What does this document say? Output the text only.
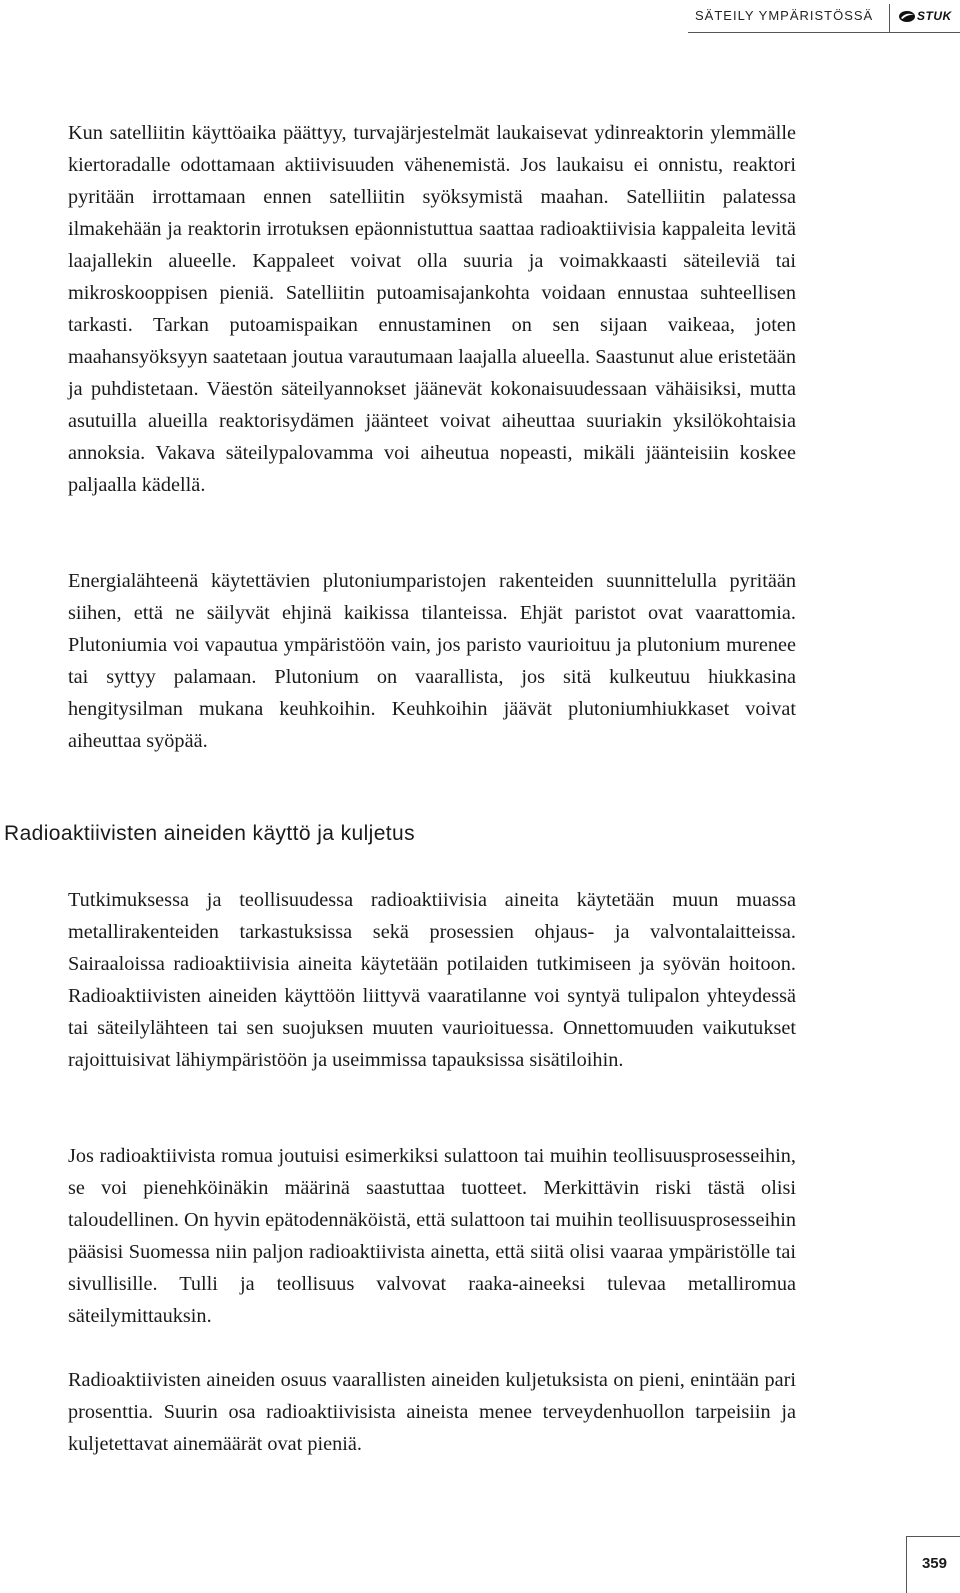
SÄTEILY YMPÄRISTÖSSÄ	STUK

Kun satelliitin käyttöaika päättyy, turvajärjestelmät laukaisevat ydinreaktorin ylemmälle kiertoradalle odottamaan aktiivisuuden vähenemistä. Jos laukaisu ei onnistu, reaktori pyritään irrottamaan ennen satelliitin syöksymistä maahan. Satelliitin palatessa ilmakehään ja reaktorin irrotuksen epäonnistuttua saattaa radioaktiivisia kappaleita levitä laajallekin alueelle. Kappaleet voivat olla suuria ja voimakkaasti säteileviä tai mikroskooppisen pieniä. Satelliitin putoamisajankohta voidaan ennustaa suhteellisen tarkasti. Tarkan putoamispaikan ennustaminen on sen sijaan vaikeaa, joten maahansyöksyyn saatetaan joutua varautumaan laajalla alueella. Saastunut alue eristetään ja puhdistetaan. Väestön säteilyannokset jäänevät kokonaisuudessaan vähäisiksi, mutta asutuilla alueilla reaktorisydämen jäänteet voivat aiheuttaa suuriakin yksilökohtaisia annoksia. Vakava säteilypalovamma voi aiheutua nopeasti, mikäli jäänteisiin koskee paljaalla kädellä.

Energialähteenä käytettävien plutoniumparistojen rakenteiden suunnittelulla pyritään siihen, että ne säilyvät ehjinä kaikissa tilanteissa. Ehjät paristot ovat vaarattomia. Plutoniumia voi vapautua ympäristöön vain, jos paristo vaurioituu ja plutonium murenee tai syttyy palamaan. Plutonium on vaarallista, jos sitä kulkeutuu hiukkasina hengitysilman mukana keuhkoihin. Keuhkoihin jäävät plutoniumhiukkaset voivat aiheuttaa syöpää.

Radioaktiivisten aineiden käyttö ja kuljetus

Tutkimuksessa ja teollisuudessa radioaktiivisia aineita käytetään muun muassa metallirakenteiden tarkastuksissa sekä prosessien ohjaus- ja valvontalaitteissa. Sairaaloissa radioaktiivisia aineita käytetään potilaiden tutkimiseen ja syövän hoitoon. Radioaktiivisten aineiden käyttöön liittyvä vaaratilanne voi syntyä tulipalon yhteydessä tai säteilylähteen tai sen suojuksen muuten vaurioituessa. Onnettomuuden vaikutukset rajoittuisivat lähiympäristöön ja useimmissa tapauksissa sisätiloihin.

Jos radioaktiivista romua joutuisi esimerkiksi sulattoon tai muihin teollisuusprosesseihin, se voi pienehköinäkin määrinä saastuttaa tuotteet. Merkittävin riski tästä olisi taloudellinen. On hyvin epätodennäköistä, että sulattoon tai muihin teollisuusprosesseihin pääsisi Suomessa niin paljon radioaktiivista ainetta, että siitä olisi vaaraa ympäristölle tai sivullisille. Tulli ja teollisuus valvovat raaka-aineeksi tulevaa metalliromua säteilymittauksin.

Radioaktiivisten aineiden osuus vaarallisten aineiden kuljetuksista on pieni, enintään pari prosenttia. Suurin osa radioaktiivisista aineista menee terveydenhuollon tarpeisiin ja kuljetettavat ainemäärät ovat pieniä.

359
